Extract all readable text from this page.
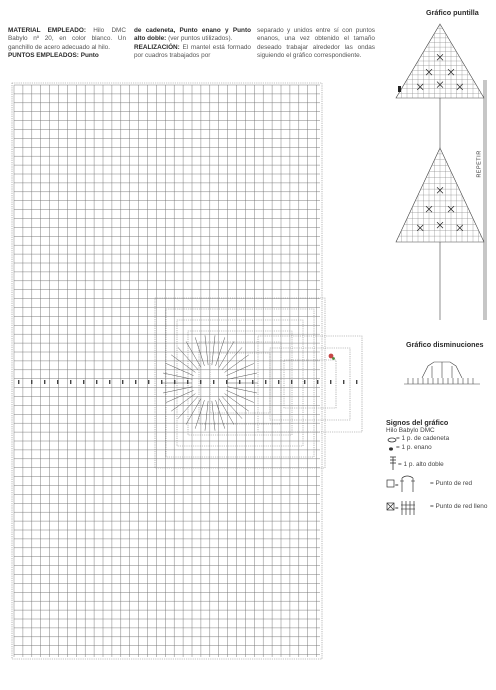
MATERIAL EMPLEADO: Hilo DMC Babylo nº 20, en color blanco. Un ganchillo de acero adecuado al hilo.
PUNTOS EMPLEADOS: Punto
de cadeneta, Punto enano y Punto alto doble: (ver puntos utilizados).
REALIZACIÓN: El mantel está formado por cuadros trabajados por
separado y unidos entre sí con puntos enanos, una vez obtenido el tamaño deseado trabajar alrededor las ondas siguiendo el gráfico correspondiente.
Gráfico puntilla
REPETIR
Gráfico disminuciones
Signos del gráfico
Hilo Babylo DMC
= 1 p. de cadeneta
= 1 p. enano
= 1 p. alto doble
=	= Punto de red
=	= Punto de red lleno
